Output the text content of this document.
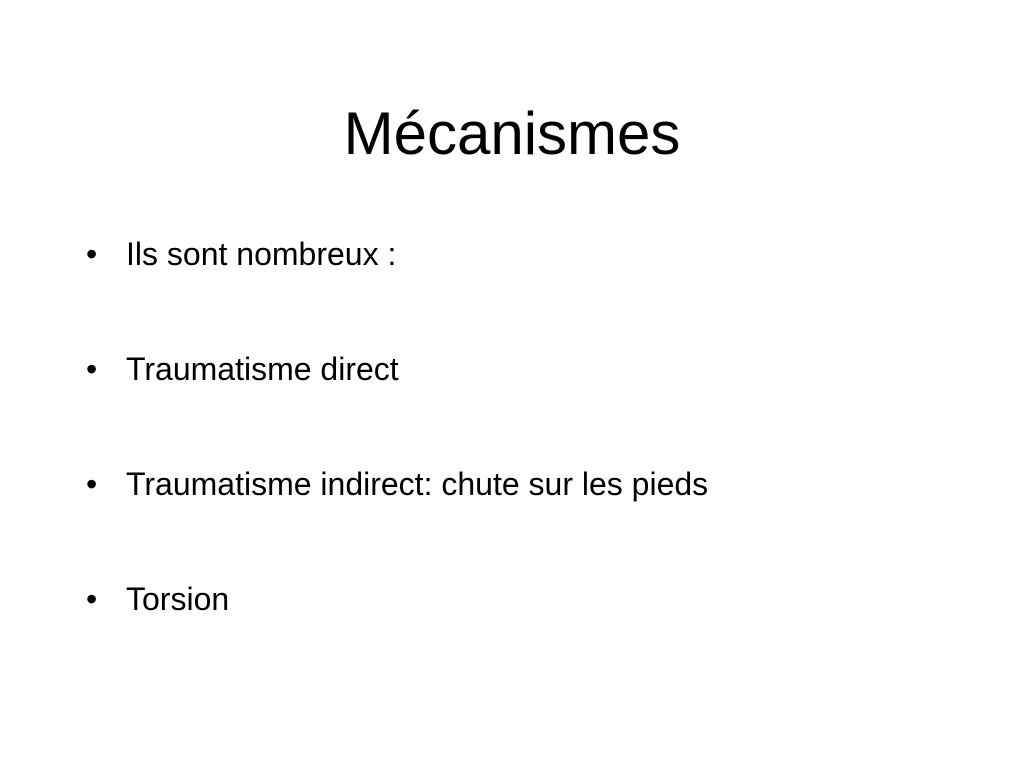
Mécanismes
• Ils sont nombreux :
• Traumatisme direct
• Traumatisme indirect: chute sur les pieds
• Torsion
